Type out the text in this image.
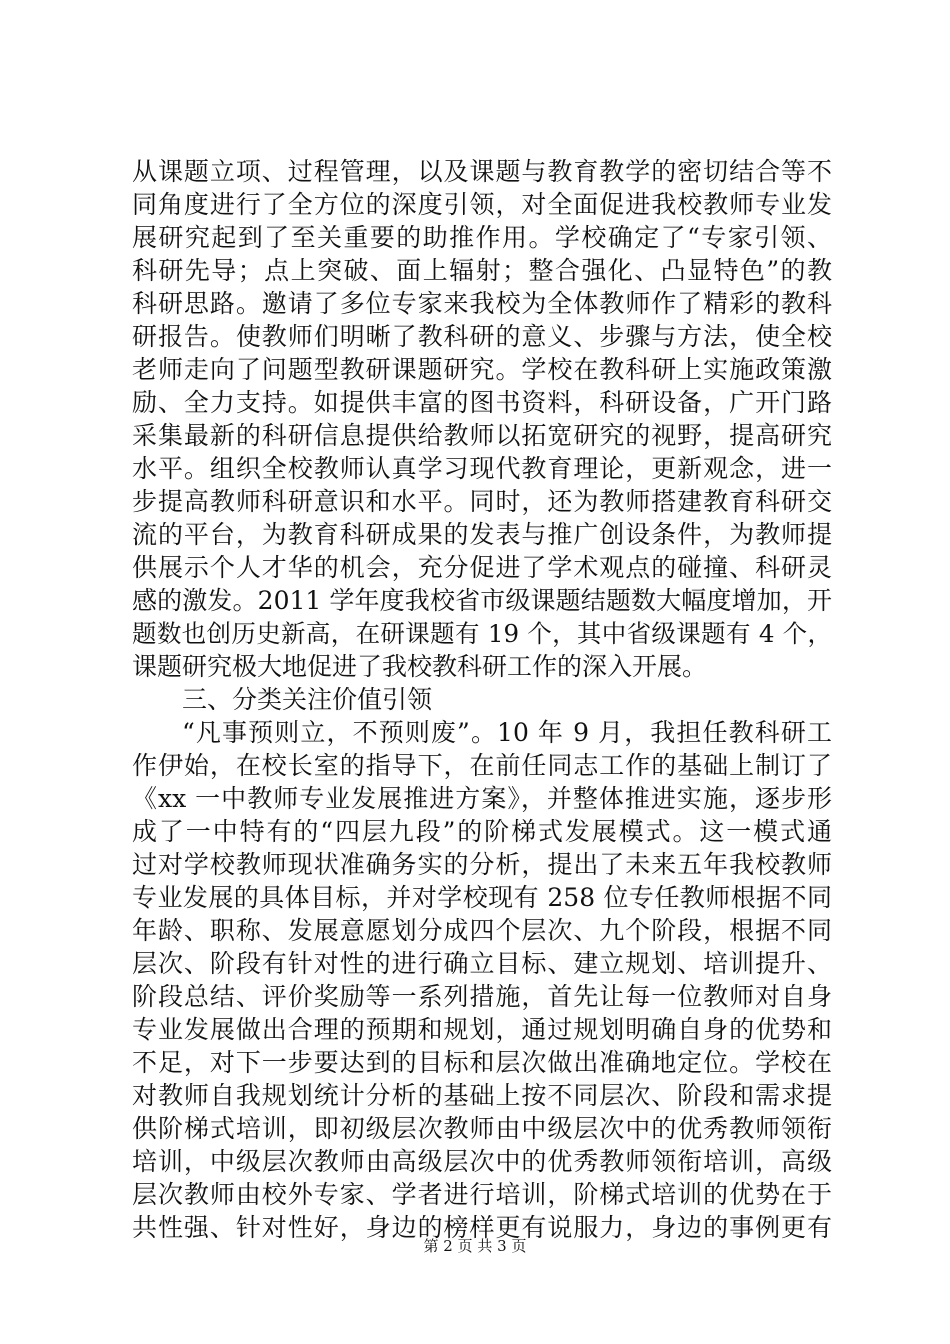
从课题立项、过程管理，以及课题与教育教学的密切结合等不
同角度进行了全方位的深度引领，对全面促进我校教师专业发
展研究起到了至关重要的助推作用。学校确定了“专家引领、
科研先导；点上突破、面上辐射；整合强化、凸显特色”的教
科研思路。邀请了多位专家来我校为全体教师作了精彩的教科
研报告。使教师们明晰了教科研的意义、步骤与方法，使全校
老师走向了问题型教研课题研究。学校在教科研上实施政策激
励、全力支持。如提供丰富的图书资料，科研设备，广开门路
采集最新的科研信息提供给教师以拓宽研究的视野，提高研究
水平。组织全校教师认真学习现代教育理论，更新观念，进一
步提高教师科研意识和水平。同时，还为教师搭建教育科研交
流的平台，为教育科研成果的发表与推广创设条件，为教师提
供展示个人才华的机会，充分促进了学术观点的碰撞、科研灵
感的激发。2011 学年度我校省市级课题结题数大幅度增加，开
题数也创历史新高，在研课题有 19 个，其中省级课题有 4 个，
课题研究极大地促进了我校教科研工作的深入开展。
三、分类关注价值引领
“凡事预则立，不预则废”。10 年 9 月，我担任教科研工
作伊始，在校长室的指导下，在前任同志工作的基础上制订了
《xx 一中教师专业发展推进方案》，并整体推进实施，逐步形
成了一中特有的“四层九段”的阶梯式发展模式。这一模式通
过对学校教师现状准确务实的分析，提出了未来五年我校教师
专业发展的具体目标，并对学校现有 258 位专任教师根据不同
年龄、职称、发展意愿划分成四个层次、九个阶段，根据不同
层次、阶段有针对性的进行确立目标、建立规划、培训提升、
阶段总结、评价奖励等一系列措施，首先让每一位教师对自身
专业发展做出合理的预期和规划，通过规划明确自身的优势和
不足，对下一步要达到的目标和层次做出准确地定位。学校在
对教师自我规划统计分析的基础上按不同层次、阶段和需求提
供阶梯式培训，即初级层次教师由中级层次中的优秀教师领衔
培训，中级层次教师由高级层次中的优秀教师领衔培训，高级
层次教师由校外专家、学者进行培训，阶梯式培训的优势在于
共性强、针对性好，身边的榜样更有说服力，身边的事例更有
第 2 页 共 3 页
